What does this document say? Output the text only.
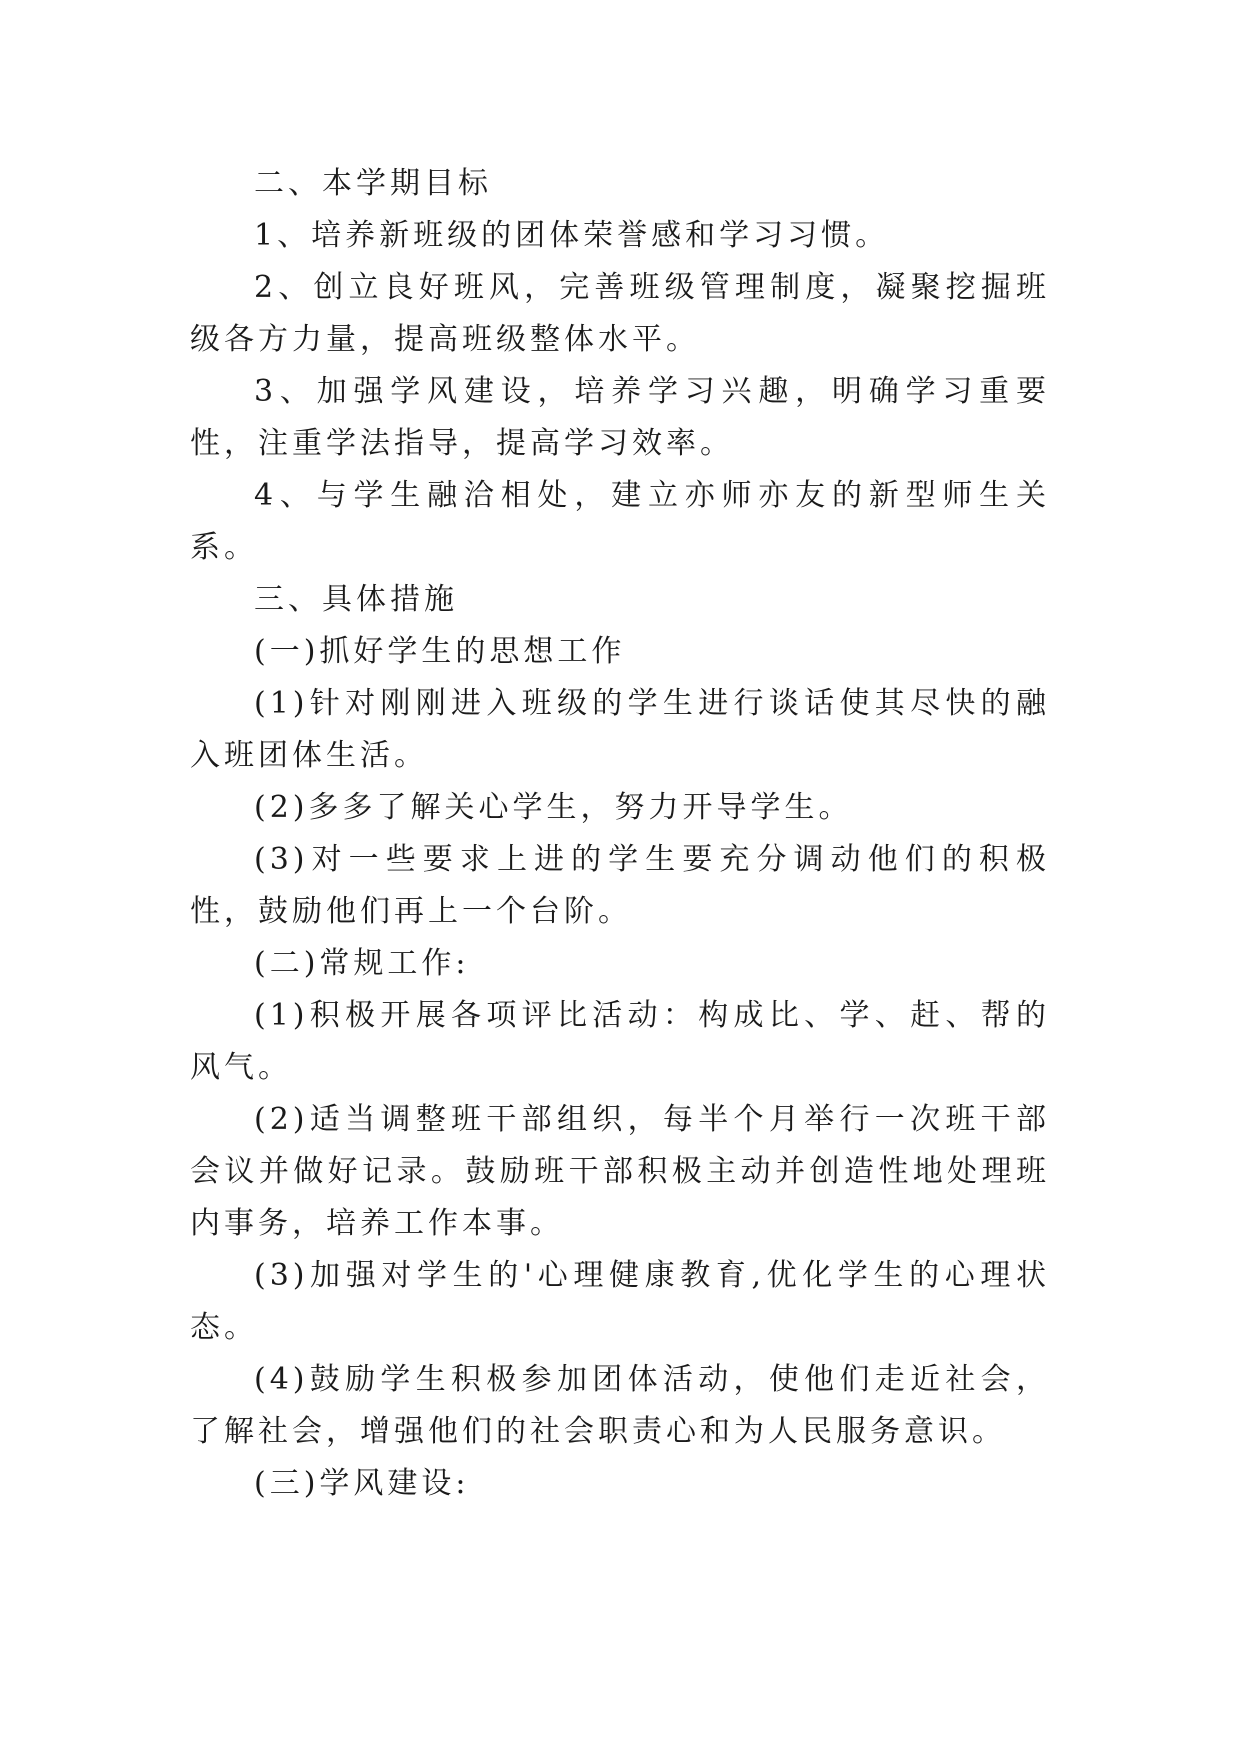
二、本学期目标

1、培养新班级的团体荣誉感和学习习惯。

2、创立良好班风，完善班级管理制度，凝聚挖掘班级各方力量，提高班级整体水平。

3、加强学风建设，培养学习兴趣，明确学习重要性，注重学法指导，提高学习效率。

4、与学生融洽相处，建立亦师亦友的新型师生关系。

三、具体措施

(一)抓好学生的思想工作

(1)针对刚刚进入班级的学生进行谈话使其尽快的融入班团体生活。

(2)多多了解关心学生，努力开导学生。

(3)对一些要求上进的学生要充分调动他们的积极性，鼓励他们再上一个台阶。

(二)常规工作:

(1)积极开展各项评比活动：构成比、学、赶、帮的风气。

(2)适当调整班干部组织，每半个月举行一次班干部会议并做好记录。鼓励班干部积极主动并创造性地处理班内事务，培养工作本事。

(3)加强对学生的'心理健康教育,优化学生的心理状态。

(4)鼓励学生积极参加团体活动，使他们走近社会，了解社会，增强他们的社会职责心和为人民服务意识。

(三)学风建设:
